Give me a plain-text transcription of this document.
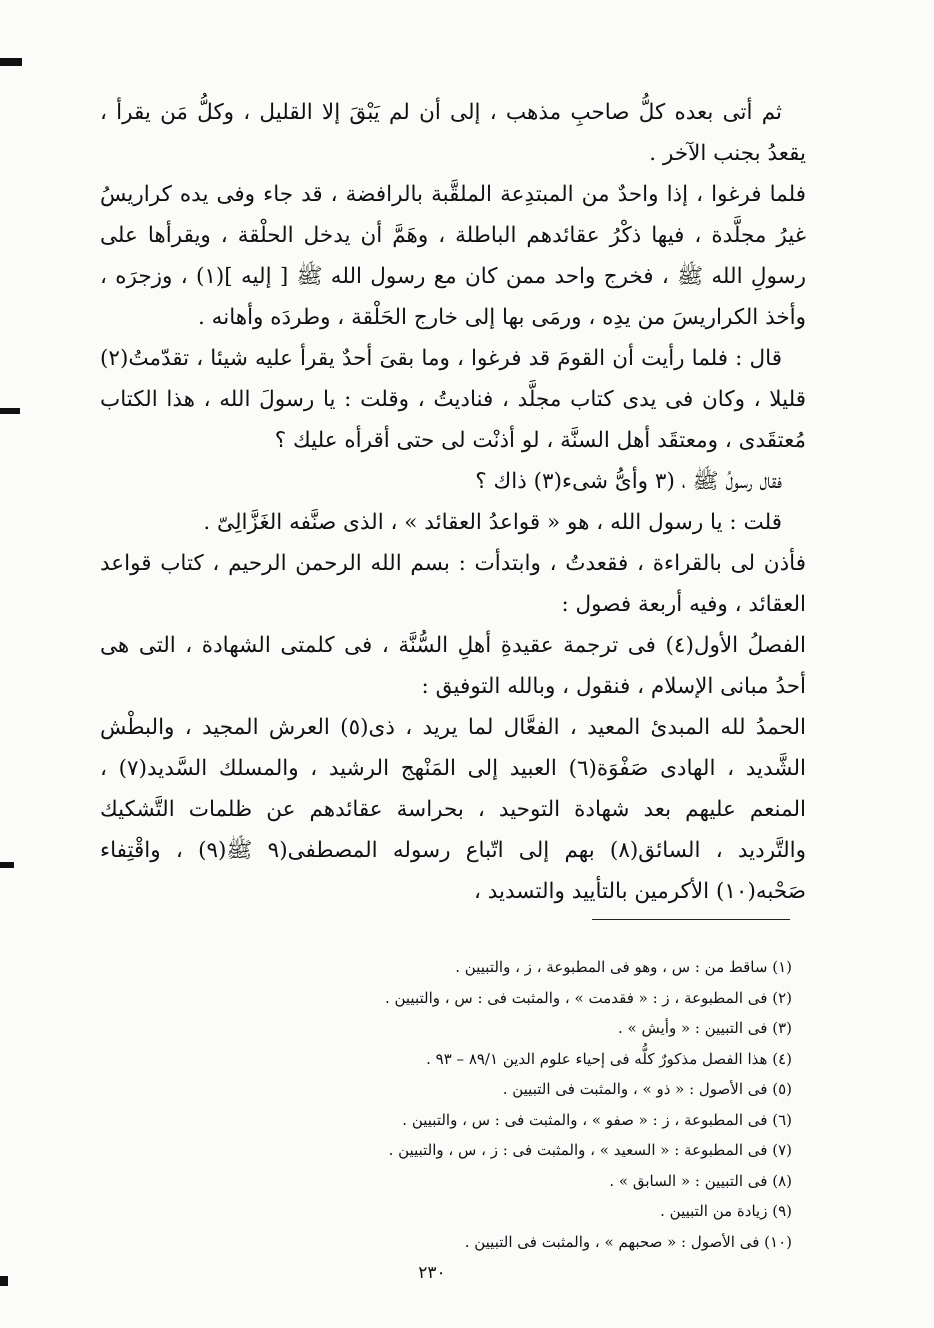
ثم أتى بعده كلُّ صاحبِ مذهب ، إلى أن لم يَبْقَ إلا القليل ، وكلُّ مَن يقرأ ، يقعدُ بجنب الآخر .

فلما فرغوا ، إذا واحدٌ من المبتدِعة الملقَّبة بالرافضة ، قد جاء وفى يده كراريسُ غيرُ مجلَّدة ، فيها ذكْرُ عقائدهم الباطلة ، وهَمَّ أن يدخل الحلْقة ، ويقرأها على رسولِ الله ﷺ ، فخرج واحد ممن كان مع رسول الله ﷺ [ إليه ](١) ، وزجرَه ، وأخذ الكراريسَ من يدِه ، ورمَى بها إلى خارج الحَلْقة ، وطردَه وأهانه .

قال : فلما رأيت أن القومَ قد فرغوا ، وما بقىَ أحدٌ يقرأ عليه شيئا ، تقدّمتُ(٢) قليلا ، وكان فى يدى كتاب مجلَّد ، فناديتُ ، وقلت : يا رسولَ الله ، هذا الكتاب مُعتقَدى ، ومعتقَد أهل السنَّة ، لو أذنْت لى حتى أقرأه عليك ؟

فقال رسولُ ﷺ ، (٣ وأىُّ شىء(٣) ذاك ؟

قلت : يا رسول الله ، هو « قواعدُ العقائد » ، الذى صنَّفه الغَزَّالِىّ .

فأذن لى بالقراءة ، فقعدتُ ، وابتدأت : بسم الله الرحمن الرحيم ، كتاب قواعد العقائد ، وفيه أربعة فصول :

الفصلُ الأول(٤) فى ترجمة عقيدةِ أهلِ السُّنَّة ، فى كلمتى الشهادة ، التى هى أحدُ مبانى الإسلام ، فنقول ، وبالله التوفيق :

الحمدُ لله المبدئ المعيد ، الفعَّال لما يريد ، ذى(٥) العرش المجيد ، والبطْش الشَّديد ، الهادى صَفْوَة(٦) العبيد إلى المَنْهج الرشيد ، والمسلك السَّديد(٧) ، المنعم عليهم بعد شهادة التوحيد ، بحراسة عقائدهم عن ظلمات التَّشكيك والتَّرديد ، السائق(٨) بهم إلى اتّباع رسوله المصطفى(٩ ﷺ(٩) ، واقْتِفاء صَحْبه(١٠) الأكرمين بالتأييد والتسديد ،

(١) ساقط من : س ، وهو فى المطبوعة ، ز ، والتبيين .
(٢) فى المطبوعة ، ز : « فقدمت » ، والمثبت فى : س ، والتبيين .
(٣) فى التبيين : « وأيش » .
(٤) هذا الفصل مذكورٌ كلُّه فى إحياء علوم الدين ٨٩/١ – ٩٣ .
(٥) فى الأصول : « ذو » ، والمثبت فى التبيين .
(٦) فى المطبوعة ، ز : « صفو » ، والمثبت فى : س ، والتبيين .
(٧) فى المطبوعة : « السعيد » ، والمثبت فى : ز ، س ، والتبيين .
(٨) فى التبيين : « السابق » .
(٩) زيادة من التبيين .
(١٠) فى الأصول : « صحبهم » ، والمثبت فى التبيين .
٢٣٠
